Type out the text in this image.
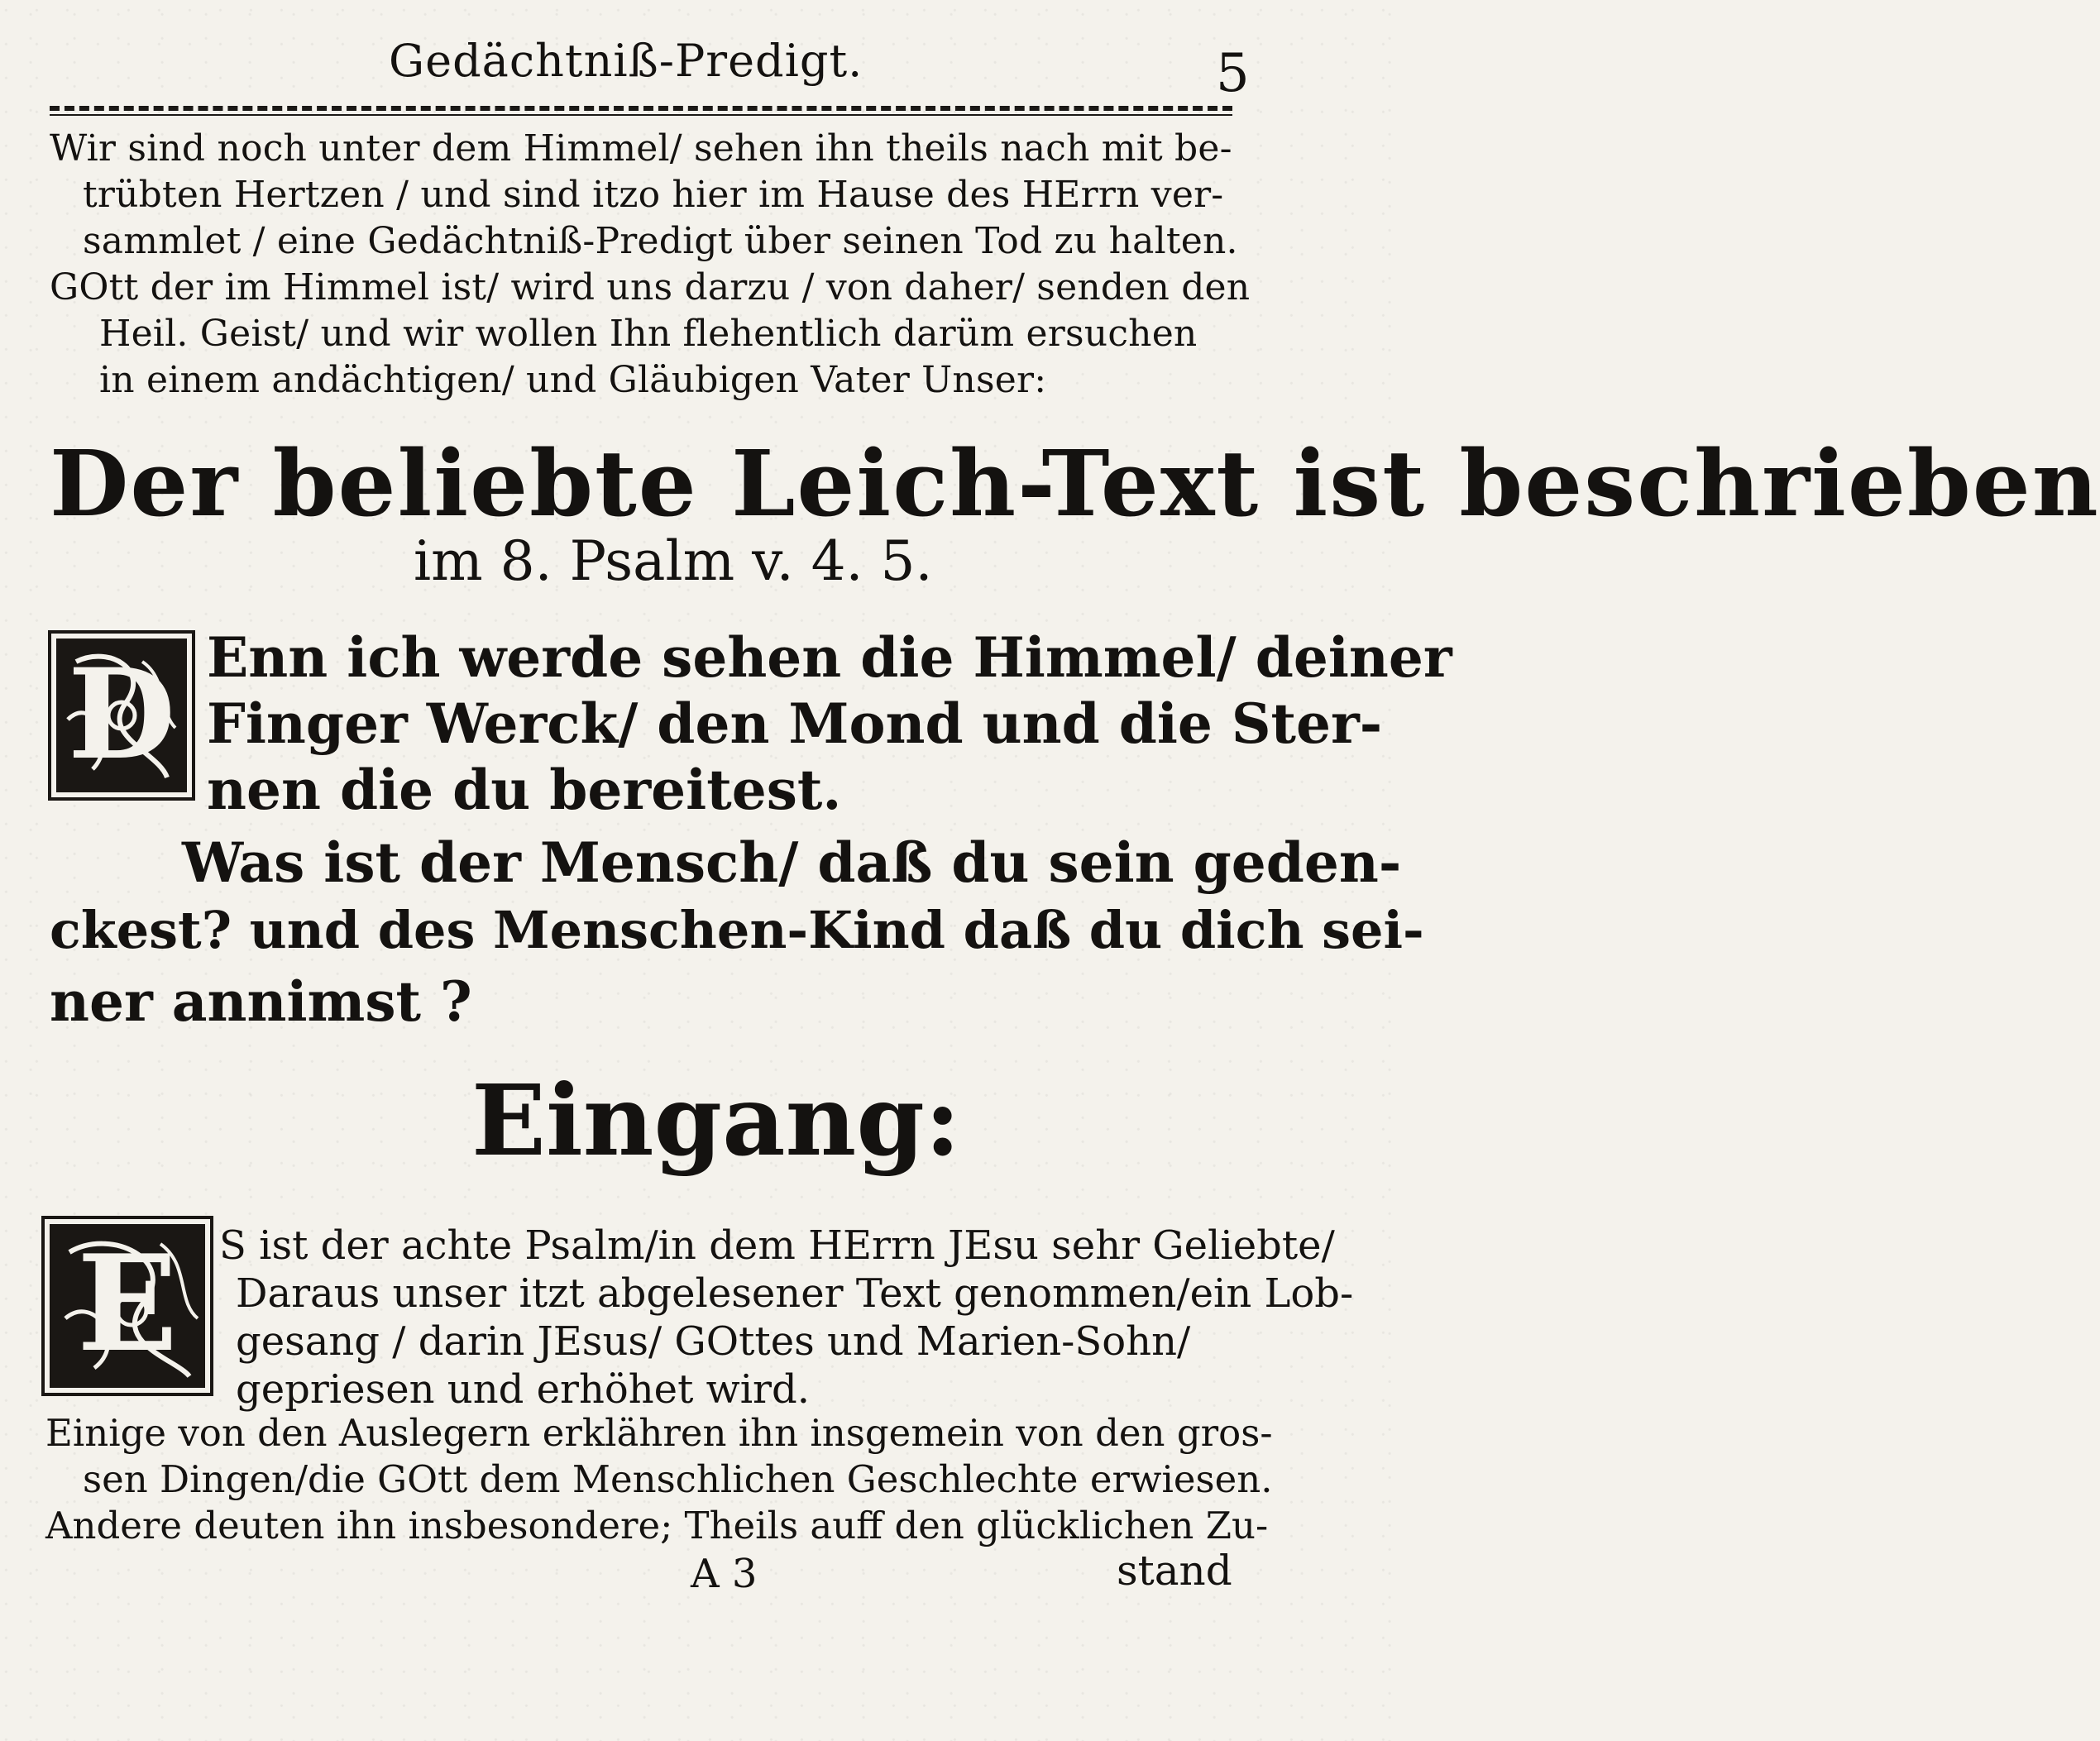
Gedächtniß-Predigt.	5
Wir sind noch unter dem Himmel/ sehen ihn theils nach mit be-
trübten Hertzen / und sind itzo hier im Hause des HErrn ver-
sammlet / eine Gedächtniß-Predigt über seinen Tod zu halten.
GOtt der im Himmel ist/ wird uns darzu / von daher/ senden den
Heil. Geist/ und wir wollen Ihn flehentlich darüm ersuchen
in einem andächtigen/ und Gläubigen Vater Unser:
Der beliebte Leich-Text ist beschrieben
im 8. Psalm v. 4. 5.
D Enn ich werde sehen die Himmel/ deiner
Finger Werck/ den Mond und die Ster-
nen die du bereitest.
Was ist der Mensch/ daß du sein geden-
ckest? und des Menschen-Kind daß du dich sei-
ner annimst ?
Eingang:
E S ist der achte Psalm/in dem HErrn JEsu sehr Geliebte/
Daraus unser itzt abgelesener Text genommen/ein Lob-
gesang / darin JEsus/ GOttes und Marien-Sohn/
gepriesen und erhöhet wird.
Einige von den Auslegern erklähren ihn insgemein von den gros-
sen Dingen/die GOtt dem Menschlichen Geschlechte erwiesen.
Andere deuten ihn insbesondere; Theils auff den glücklichen Zu-
A 3	stand
